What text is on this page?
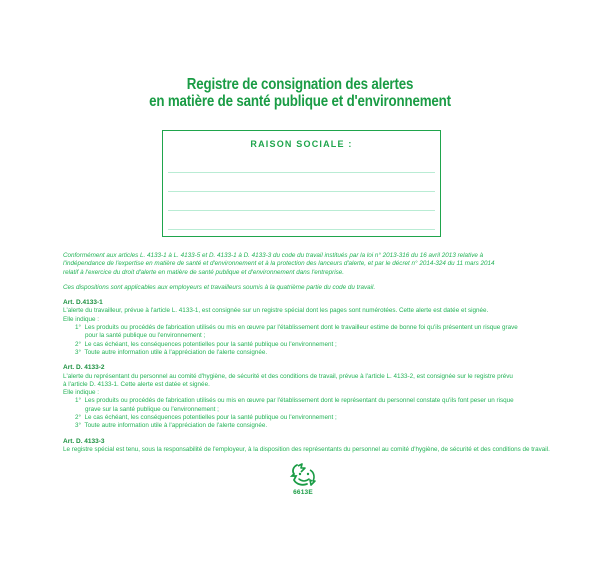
Registre de consignation des alertes
en matière de santé publique et d'environnement
RAISON SOCIALE :

Conformément aux articles L. 4133-1 à L. 4133-5 et D. 4133-1 à D. 4133-3 du code du travail institués par la loi n° 2013-316 du 16 avril 2013 relative à

l'indépendance de l'expertise en matière de santé et d'environnement et à la protection des lanceurs d'alerte, et par le décret n° 2014-324 du 11 mars 2014

relatif à l'exercice du droit d'alerte en matière de santé publique et d'environnement dans l'entreprise.

Ces dispositions sont applicables aux employeurs et travailleurs soumis à la quatrième partie du code du travail.

Art. D.4133-1

L'alerte du travailleur, prévue à l'article L. 4133-1, est consignée sur un registre spécial dont les pages sont numérotées. Cette alerte est datée et signée.

Elle indique :

1° Les produits ou procédés de fabrication utilisés ou mis en œuvre par l'établissement dont le travailleur estime de bonne foi qu'ils présentent un risque grave

pour la santé publique ou l'environnement ;

2° Le cas échéant, les conséquences potentielles pour la santé publique ou l'environnement ;

3° Toute autre information utile à l'appréciation de l'alerte consignée.

Art. D. 4133-2

L'alerte du représentant du personnel au comité d'hygiène, de sécurité et des conditions de travail, prévue à l'article L. 4133-2, est consignée sur le registre prévu

à l'article D. 4133-1. Cette alerte est datée et signée.

Elle indique :

1° Les produits ou procédés de fabrication utilisés ou mis en œuvre par l'établissement dont le représentant du personnel constate qu'ils font peser un risque

grave sur la santé publique ou l'environnement ;

2° Le cas échéant, les conséquences potentielles pour la santé publique ou l'environnement ;

3° Toute autre information utile à l'appréciation de l'alerte consignée.

Art. D. 4133-3

Le registre spécial est tenu, sous la responsabilité de l'employeur, à la disposition des représentants du personnel au comité d'hygiène, de sécurité et des conditions de travail.

6613E
